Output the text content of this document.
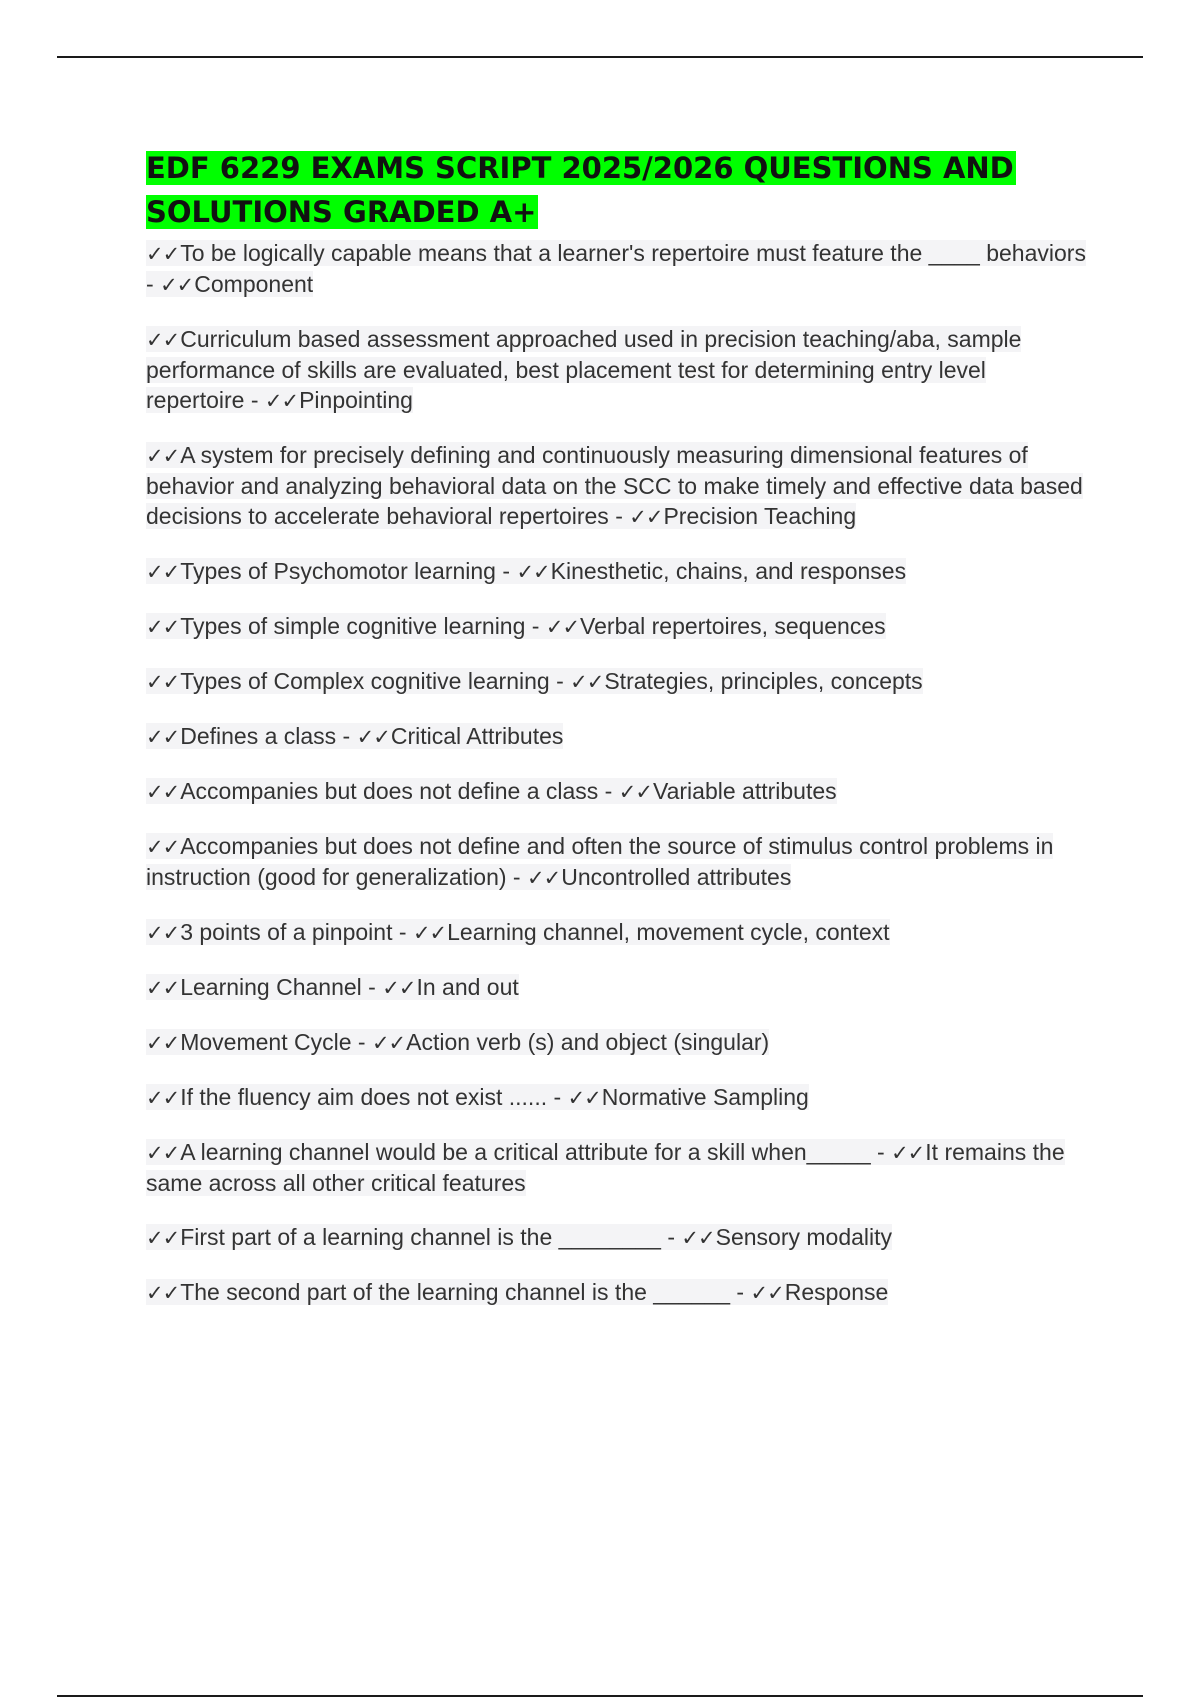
EDF 6229 EXAMS SCRIPT 2025/2026 QUESTIONS AND SOLUTIONS GRADED A+

✓✓To be logically capable means that a learner's repertoire must feature the ____ behaviors - ✓✓Component

✓✓Curriculum based assessment approached used in precision teaching/aba, sample performance of skills are evaluated, best placement test for determining entry level repertoire - ✓✓Pinpointing

✓✓A system for precisely defining and continuously measuring dimensional features of behavior and analyzing behavioral data on the SCC to make timely and effective data based decisions to accelerate behavioral repertoires - ✓✓Precision Teaching

✓✓Types of Psychomotor learning - ✓✓Kinesthetic, chains, and responses

✓✓Types of simple cognitive learning - ✓✓Verbal repertoires, sequences

✓✓Types of Complex cognitive learning - ✓✓Strategies, principles, concepts

✓✓Defines a class - ✓✓Critical Attributes

✓✓Accompanies but does not define a class - ✓✓Variable attributes

✓✓Accompanies but does not define and often the source of stimulus control problems in instruction (good for generalization) - ✓✓Uncontrolled attributes

✓✓3 points of a pinpoint - ✓✓Learning channel, movement cycle, context

✓✓Learning Channel - ✓✓In and out

✓✓Movement Cycle - ✓✓Action verb (s) and object (singular)

✓✓If the fluency aim does not exist ...... - ✓✓Normative Sampling

✓✓A learning channel would be a critical attribute for a skill when_____ - ✓✓It remains the same across all other critical features

✓✓First part of a learning channel is the ________ - ✓✓Sensory modality

✓✓The second part of the learning channel is the ______ - ✓✓Response
